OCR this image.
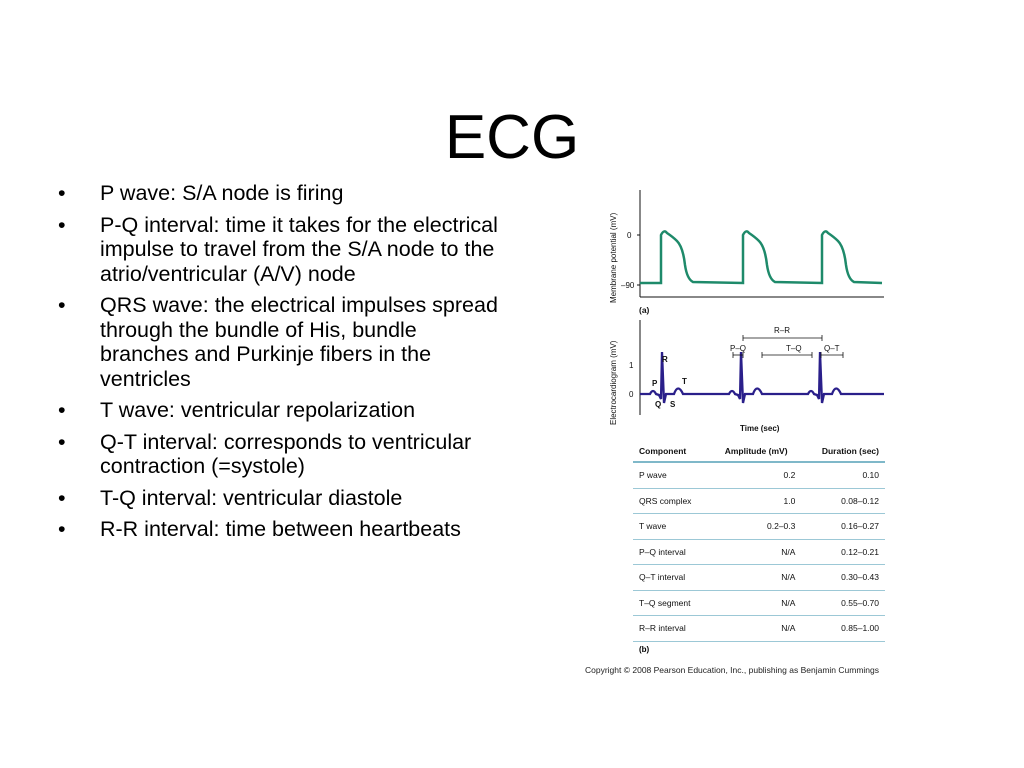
ECG
• P wave: S/A node is firing
• P-Q interval: time it takes for the electrical impulse to travel from the S/A node to the atrio/ventricular (A/V) node
• QRS wave: the electrical impulses spread through the bundle of His, bundle branches and Purkinje fibers in the ventricles
• T wave: ventricular repolarization
• Q-T interval: corresponds to ventricular contraction (=systole)
• T-Q interval: ventricular diastole
• R-R interval: time between heartbeats
Membrane potential (mV) 0
–90
(a)
Electrocardiogram (mV) 1
0
R
P	T
Q S
R–R
P–Q	T–Q	Q–T
Time (sec)
Component	Amplitude (mV)	Duration (sec)
P wave	0.2	0.10
QRS complex	1.0	0.08–0.12
T wave	0.2–0.3	0.16–0.27
P–Q interval	N/A	0.12–0.21
Q–T interval	N/A	0.30–0.43
T–Q segment	N/A	0.55–0.70
R–R interval	N/A	0.85–1.00
(b)
Copyright © 2008 Pearson Education, Inc., publishing as Benjamin Cummings
